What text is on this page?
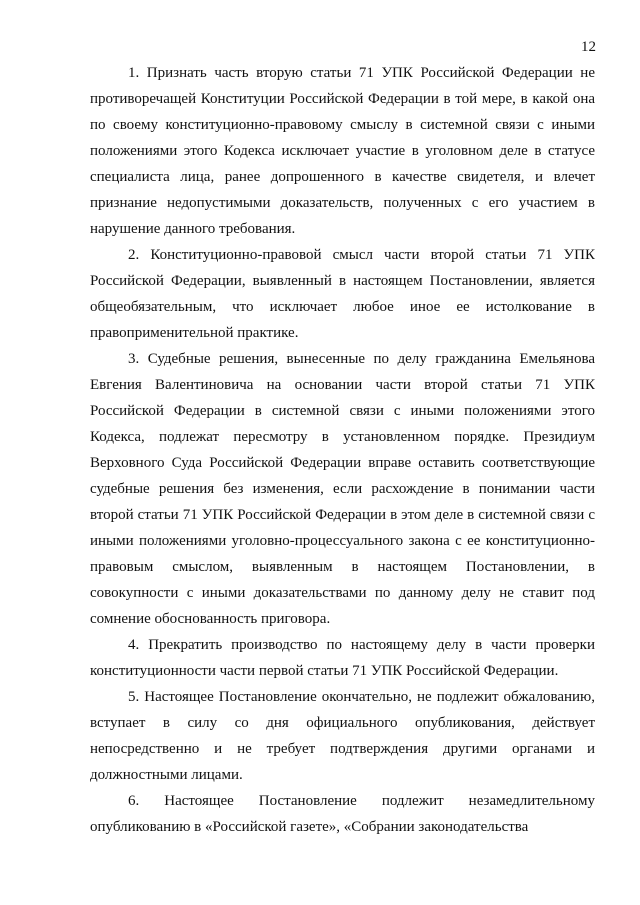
12

1. Признать часть вторую статьи 71 УПК Российской Федерации не противоречащей Конституции Российской Федерации в той мере, в какой она по своему конституционно-правовому смыслу в системной связи с иными положениями этого Кодекса исключает участие в уголовном деле в статусе специалиста лица, ранее допрошенного в качестве свидетеля, и влечет признание недопустимыми доказательств, полученных с его участием в нарушение данного требования.

2. Конституционно-правовой смысл части второй статьи 71 УПК Российской Федерации, выявленный в настоящем Постановлении, является общеобязательным, что исключает любое иное ее истолкование в правоприменительной практике.

3. Судебные решения, вынесенные по делу гражданина Емельянова Евгения Валентиновича на основании части второй статьи 71 УПК Российской Федерации в системной связи с иными положениями этого Кодекса, подлежат пересмотру в установленном порядке. Президиум Верховного Суда Российской Федерации вправе оставить соответствующие судебные решения без изменения, если расхождение в понимании части второй статьи 71 УПК Российской Федерации в этом деле в системной связи с иными положениями уголовно-процессуального закона с ее конституционно-правовым смыслом, выявленным в настоящем Постановлении, в совокупности с иными доказательствами по данному делу не ставит под сомнение обоснованность приговора.

4. Прекратить производство по настоящему делу в части проверки конституционности части первой статьи 71 УПК Российской Федерации.

5. Настоящее Постановление окончательно, не подлежит обжалованию, вступает в силу со дня официального опубликования, действует непосредственно и не требует подтверждения другими органами и должностными лицами.

6. Настоящее Постановление подлежит незамедлительному опубликованию в «Российской газете», «Собрании законодательства
